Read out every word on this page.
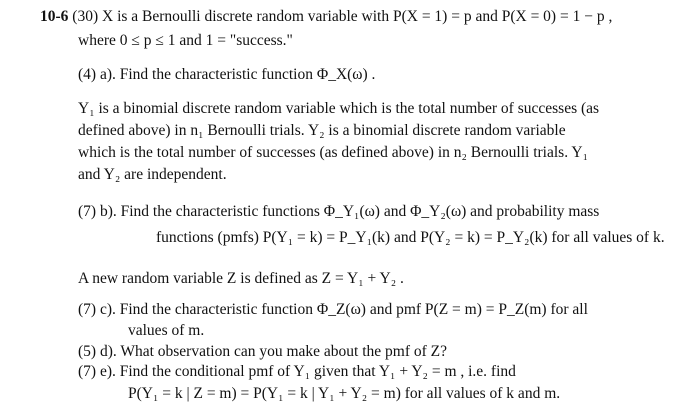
10-6 (30) X is a Bernoulli discrete random variable with P(X = 1) = p and P(X = 0) = 1 − p ,
where 0 ≤ p ≤ 1 and 1 = "success."
(4) a). Find the characteristic function Φ_X(ω) .
Y₁ is a binomial discrete random variable which is the total number of successes (as
defined above) in n₁ Bernoulli trials. Y₂ is a binomial discrete random variable
which is the total number of successes (as defined above) in n₂ Bernoulli trials. Y₁
and Y₂ are independent.
(7) b). Find the characteristic functions Φ_Y₁(ω) and Φ_Y₂(ω) and probability mass
functions (pmfs) P(Y₁ = k) = P_Y₁(k) and P(Y₂ = k) = P_Y₂(k) for all values of k.
A new random variable Z is defined as Z = Y₁ + Y₂ .
(7) c). Find the characteristic function Φ_Z(ω) and pmf P(Z = m) = P_Z(m) for all
values of m.
(5) d). What observation can you make about the pmf of Z?
(7) e). Find the conditional pmf of Y₁ given that Y₁ + Y₂ = m , i.e. find
P(Y₁ = k | Z = m) = P(Y₁ = k | Y₁ + Y₂ = m) for all values of k and m.
